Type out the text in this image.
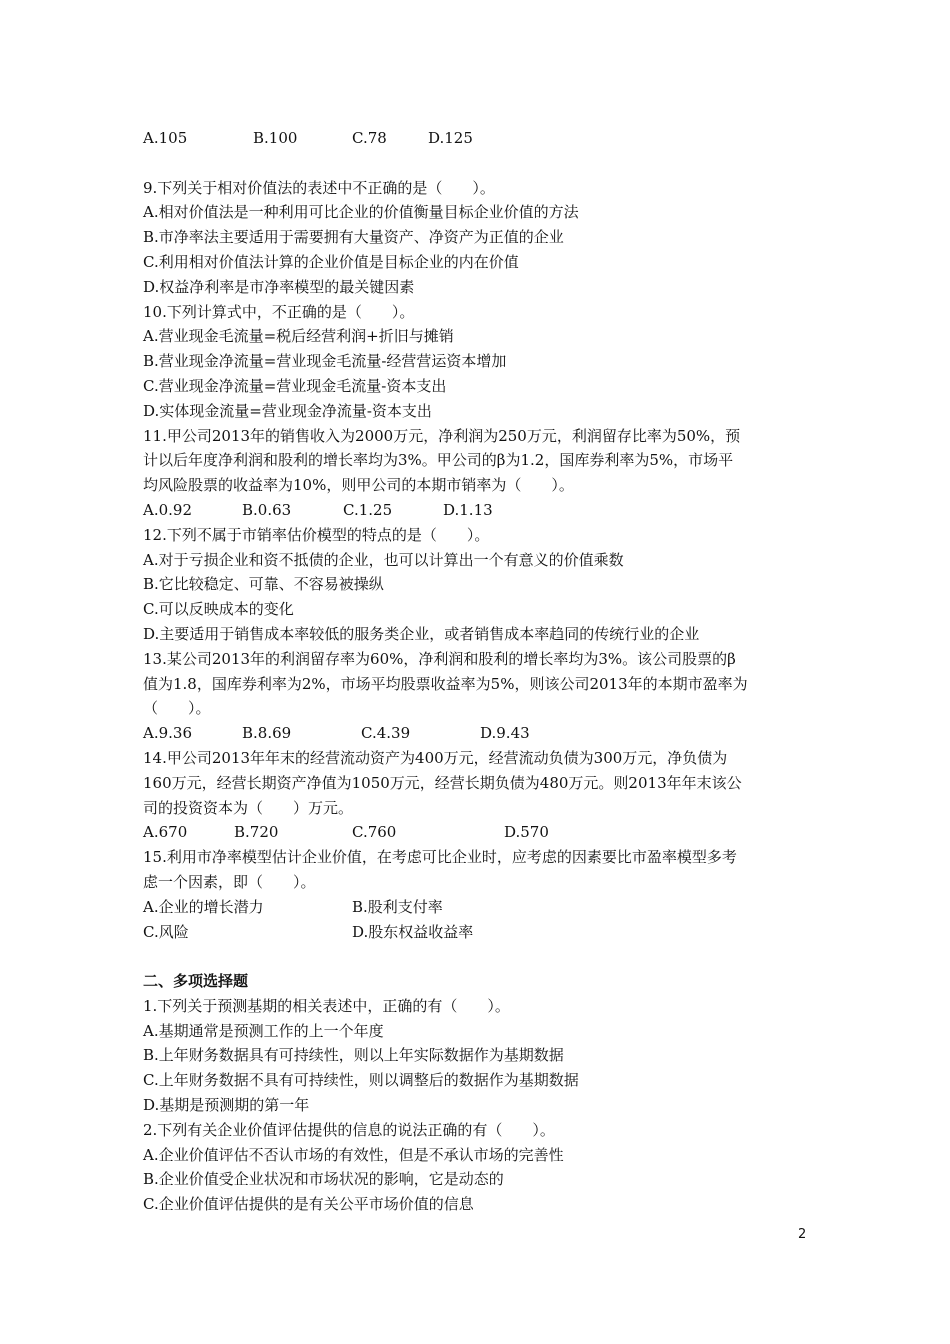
A.105	B.100	C.78	D.125
9.下列关于相对价值法的表述中不正确的是（　　）。
A.相对价值法是一种利用可比企业的价值衡量目标企业价值的方法
B.市净率法主要适用于需要拥有大量资产、净资产为正值的企业
C.利用相对价值法计算的企业价值是目标企业的内在价值
D.权益净利率是市净率模型的最关键因素
10.下列计算式中，不正确的是（　　）。
A.营业现金毛流量=税后经营利润+折旧与摊销
B.营业现金净流量=营业现金毛流量-经营营运资本增加
C.营业现金净流量=营业现金毛流量-资本支出
D.实体现金流量=营业现金净流量-资本支出
11.甲公司2013年的销售收入为2000万元，净利润为250万元，利润留存比率为50%，预
计以后年度净利润和股利的增长率均为3%。甲公司的β为1.2，国库券利率为5%，市场平
均风险股票的收益率为10%，则甲公司的本期市销率为（　　）。
A.0.92	B.0.63	C.1.25	D.1.13
12.下列不属于市销率估价模型的特点的是（　　）。
A.对于亏损企业和资不抵债的企业，也可以计算出一个有意义的价值乘数
B.它比较稳定、可靠、不容易被操纵
C.可以反映成本的变化
D.主要适用于销售成本率较低的服务类企业，或者销售成本率趋同的传统行业的企业
13.某公司2013年的利润留存率为60%，净利润和股利的增长率均为3%。该公司股票的β
值为1.8，国库券利率为2%，市场平均股票收益率为5%，则该公司2013年的本期市盈率为
（　　）。
A.9.36	B.8.69	C.4.39	D.9.43
14.甲公司2013年年末的经营流动资产为400万元，经营流动负债为300万元，净负债为
160万元，经营长期资产净值为1050万元，经营长期负债为480万元。则2013年年末该公
司的投资资本为（　　）万元。
A.670	B.720	C.760	D.570
15.利用市净率模型估计企业价值，在考虑可比企业时，应考虑的因素要比市盈率模型多考
虑一个因素，即（　　）。
A.企业的增长潜力	B.股利支付率
C.风险	D.股东权益收益率
二、多项选择题
1.下列关于预测基期的相关表述中，正确的有（　　）。
A.基期通常是预测工作的上一个年度
B.上年财务数据具有可持续性，则以上年实际数据作为基期数据
C.上年财务数据不具有可持续性，则以调整后的数据作为基期数据
D.基期是预测期的第一年
2.下列有关企业价值评估提供的信息的说法正确的有（　　）。
A.企业价值评估不否认市场的有效性，但是不承认市场的完善性
B.企业价值受企业状况和市场状况的影响，它是动态的
C.企业价值评估提供的是有关公平市场价值的信息
2
